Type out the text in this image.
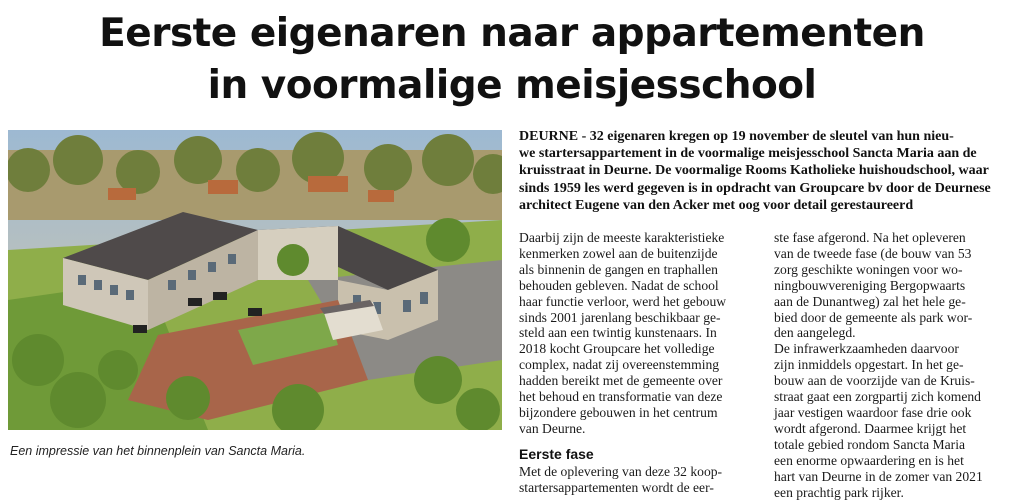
Eerste eigenaren naar appartementen
in voormalige meisjesschool
Een impressie van het binnenplein van Sancta Maria.

DEURNE - 32 eigenaren kregen op 19 november de sleutel van hun nieu-

we startersappartement in de voormalige meisjesschool Sancta Maria aan de

kruisstraat in Deurne. De voormalige Rooms Katholieke huishoudschool, waar

sinds 1959 les werd gegeven is in opdracht van Groupcare bv door de Deurnese

architect Eugene van den Acker met oog voor detail gerestaureerd

Daarbij zijn de meeste karakteristieke

kenmerken zowel aan de buitenzijde

als binnenin de gangen en traphallen

behouden gebleven. Nadat de school

haar functie verloor, werd het gebouw

sinds 2001 jarenlang beschikbaar ge-

steld aan een twintig kunstenaars. In

2018 kocht Groupcare het volledige

complex, nadat zij overeenstemming

hadden bereikt met de gemeente over

het behoud en transformatie van deze

bijzondere gebouwen in het centrum

van Deurne.

Eerste fase

Met de oplevering van deze 32 koop-

startersappartementen wordt de eer-

ste fase afgerond. Na het opleveren

van de tweede fase (de bouw van 53

zorg geschikte woningen voor wo-

ningbouwvereniging Bergopwaarts

aan de Dunantweg) zal het hele ge-

bied door de gemeente als park wor-

den aangelegd.

De infrawerkzaamheden daarvoor

zijn inmiddels opgestart. In het ge-

bouw aan de voorzijde van de Kruis-

straat gaat een zorgpartij zich komend

jaar vestigen waardoor fase drie ook

wordt afgerond. Daarmee krijgt het

totale gebied rondom Sancta Maria

een enorme opwaardering en is het

hart van Deurne in de zomer van 2021

een prachtig park rijker.
